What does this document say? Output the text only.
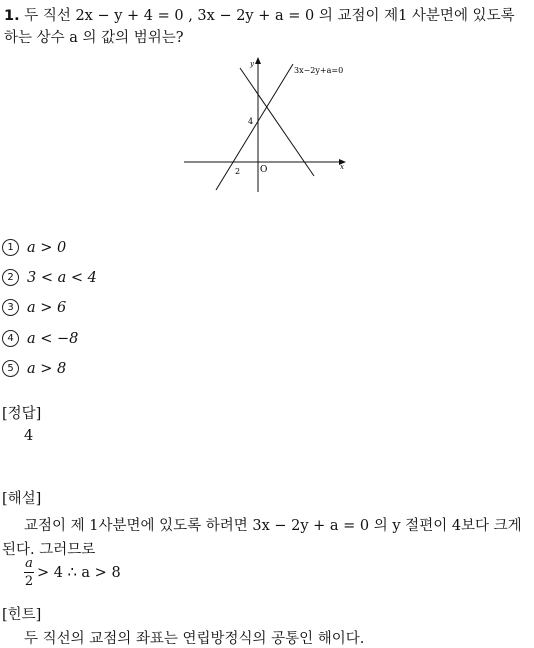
1. 두 직선 2x − y + 4 = 0 , 3x − 2y + a = 0 의 교점이 제1 사분면에 있도록
하는 상수 a 의 값의 범위는?
y
x
O
4
2
3x−2y+a=0
1 a > 0
2 3 < a < 4
3 a > 6
4 a < −8
5 a > 8
[정답]
4
[해설]
교점이 제 1사분면에 있도록 하려면 3x − 2y + a = 0 의 y 절편이 4보다 크게
된다. 그러므로
$\frac{a}{2} > 4$ ∴ a > 8
[힌트]
두 직선의 교점의 좌표는 연립방정식의 공통인 해이다.
